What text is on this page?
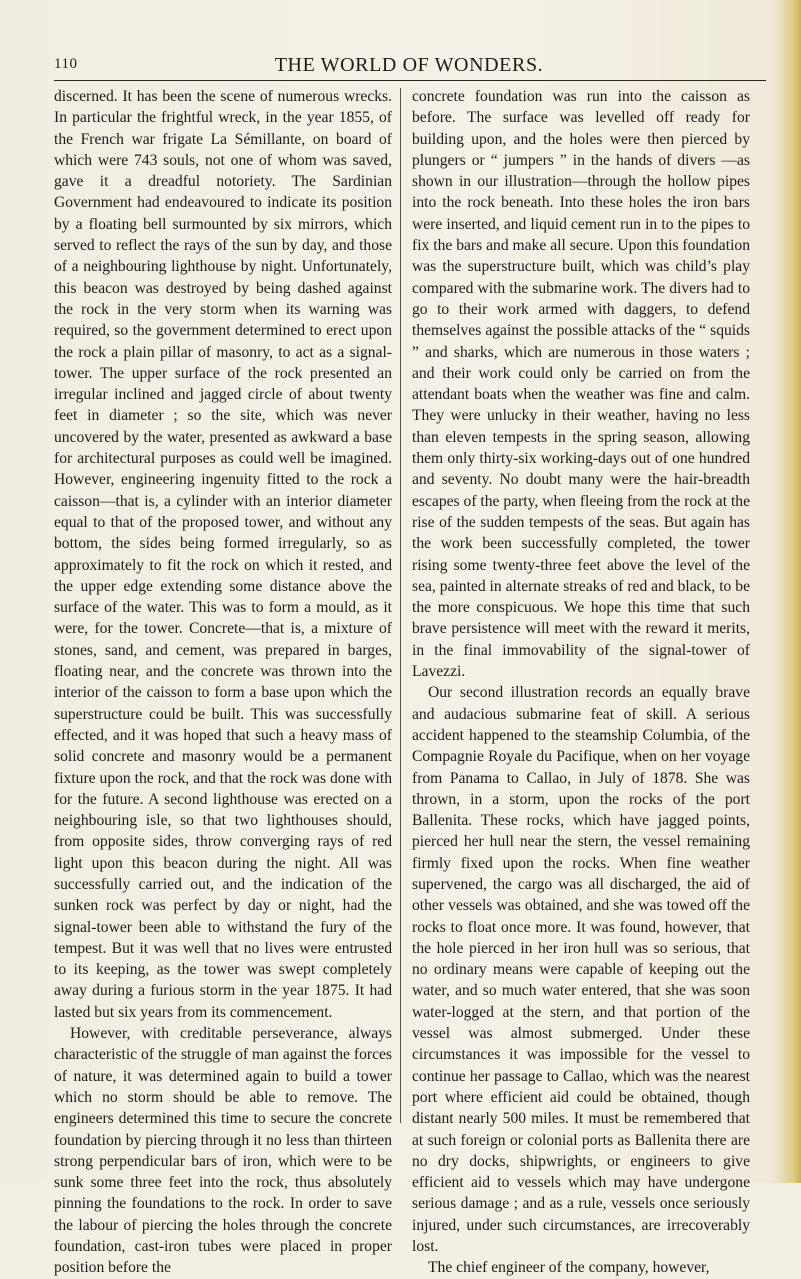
110	THE WORLD OF WONDERS.

discerned. It has been the scene of numerous wrecks. In particular the frightful wreck, in the year 1855, of the French war frigate La Sémillante, on board of which were 743 souls, not one of whom was saved, gave it a dreadful notoriety. The Sardinian Government had endeavoured to indicate its position by a floating bell surmounted by six mirrors, which served to reflect the rays of the sun by day, and those of a neighbouring lighthouse by night. Unfortunately, this beacon was destroyed by being dashed against the rock in the very storm when its warning was required, so the government determined to erect upon the rock a plain pillar of masonry, to act as a signal-tower. The upper surface of the rock presented an irregular inclined and jagged circle of about twenty feet in diameter ; so the site, which was never uncovered by the water, presented as awkward a base for architectural purposes as could well be imagined. However, engineering ingenuity fitted to the rock a caisson—that is, a cylinder with an interior diameter equal to that of the proposed tower, and without any bottom, the sides being formed irregularly, so as approximately to fit the rock on which it rested, and the upper edge extending some distance above the surface of the water. This was to form a mould, as it were, for the tower. Concrete—that is, a mixture of stones, sand, and cement, was prepared in barges, floating near, and the concrete was thrown into the interior of the caisson to form a base upon which the superstructure could be built. This was successfully effected, and it was hoped that such a heavy mass of solid concrete and masonry would be a permanent fixture upon the rock, and that the rock was done with for the future. A second lighthouse was erected on a neighbouring isle, so that two lighthouses should, from opposite sides, throw converging rays of red light upon this beacon during the night. All was successfully carried out, and the indication of the sunken rock was perfect by day or night, had the signal-tower been able to withstand the fury of the tempest. But it was well that no lives were entrusted to its keeping, as the tower was swept completely away during a furious storm in the year 1875. It had lasted but six years from its commencement.

However, with creditable perseverance, always characteristic of the struggle of man against the forces of nature, it was determined again to build a tower which no storm should be able to remove. The engineers determined this time to secure the concrete foundation by piercing through it no less than thirteen strong perpendicular bars of iron, which were to be sunk some three feet into the rock, thus absolutely pinning the foundations to the rock. In order to save the labour of piercing the holes through the concrete foundation, cast-iron tubes were placed in proper position before the

concrete foundation was run into the caisson as before. The surface was levelled off ready for building upon, and the holes were then pierced by plungers or “ jumpers ” in the hands of divers —as shown in our illustration—through the hollow pipes into the rock beneath. Into these holes the iron bars were inserted, and liquid cement run in to the pipes to fix the bars and make all secure. Upon this foundation was the superstructure built, which was child’s play compared with the submarine work. The divers had to go to their work armed with daggers, to defend themselves against the possible attacks of the “ squids ” and sharks, which are numerous in those waters ; and their work could only be carried on from the attendant boats when the weather was fine and calm. They were unlucky in their weather, having no less than eleven tempests in the spring season, allowing them only thirty-six working-days out of one hundred and seventy. No doubt many were the hair-breadth escapes of the party, when fleeing from the rock at the rise of the sudden tempests of the seas. But again has the work been successfully completed, the tower rising some twenty-three feet above the level of the sea, painted in alternate streaks of red and black, to be the more conspicuous. We hope this time that such brave persistence will meet with the reward it merits, in the final immovability of the signal-tower of Lavezzi.

Our second illustration records an equally brave and audacious submarine feat of skill. A serious accident happened to the steamship Columbia, of the Compagnie Royale du Pacifique, when on her voyage from Panama to Callao, in July of 1878. She was thrown, in a storm, upon the rocks of the port Ballenita. These rocks, which have jagged points, pierced her hull near the stern, the vessel remaining firmly fixed upon the rocks. When fine weather supervened, the cargo was all discharged, the aid of other vessels was obtained, and she was towed off the rocks to float once more. It was found, however, that the hole pierced in her iron hull was so serious, that no ordinary means were capable of keeping out the water, and so much water entered, that she was soon water-logged at the stern, and that portion of the vessel was almost submerged. Under these circumstances it was impossible for the vessel to continue her passage to Callao, which was the nearest port where efficient aid could be obtained, though distant nearly 500 miles. It must be remembered that at such foreign or colonial ports as Ballenita there are no dry docks, shipwrights, or engineers to give efficient aid to vessels which may have undergone serious damage ; and as a rule, vessels once seriously injured, under such circumstances, are irrecoverably lost.

The chief engineer of the company, however,
